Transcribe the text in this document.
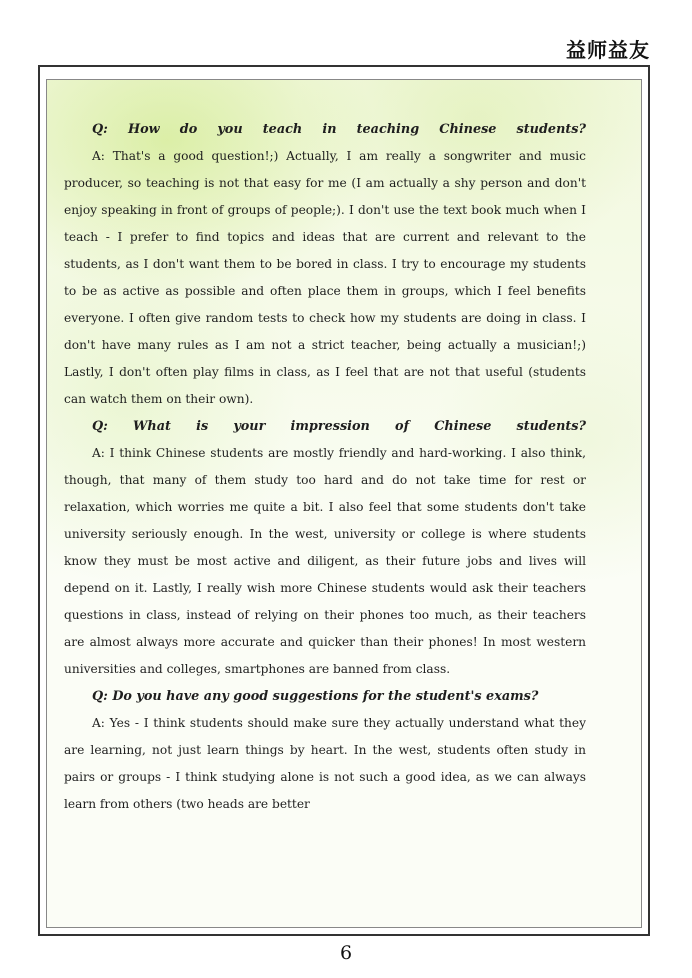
益师益友

Q: How do you teach in teaching Chinese students?

A: That's a good question!;) Actually, I am really a songwriter and music producer, so teaching is not that easy for me (I am actually a shy person and don't enjoy speaking in front of groups of people;). I don't use the text book much when I teach - I prefer to find topics and ideas that are current and relevant to the students, as I don't want them to be bored in class. I try to encourage my students to be as active as possible and often place them in groups, which I feel benefits everyone. I often give random tests to check how my students are doing in class. I don't have many rules as I am not a strict teacher, being actually a musician!;) Lastly, I don't often play films in class, as I feel that are not that useful (students can watch them on their own).

Q: What is your impression of Chinese students?

A: I think Chinese students are mostly friendly and hard-working. I also think, though, that many of them study too hard and do not take time for rest or relaxation, which worries me quite a bit. I also feel that some students don't take university seriously enough. In the west, university or college is where students know they must be most active and diligent, as their future jobs and lives will depend on it. Lastly, I really wish more Chinese students would ask their teachers questions in class, instead of relying on their phones too much, as their teachers are almost always more accurate and quicker than their phones! In most western universities and colleges, smartphones are banned from class.

Q: Do you have any good suggestions for the student's exams?

A: Yes - I think students should make sure they actually understand what they are learning, not just learn things by heart. In the west, students often study in pairs or groups - I think studying alone is not such a good idea, as we can always learn from others (two heads are better

6
